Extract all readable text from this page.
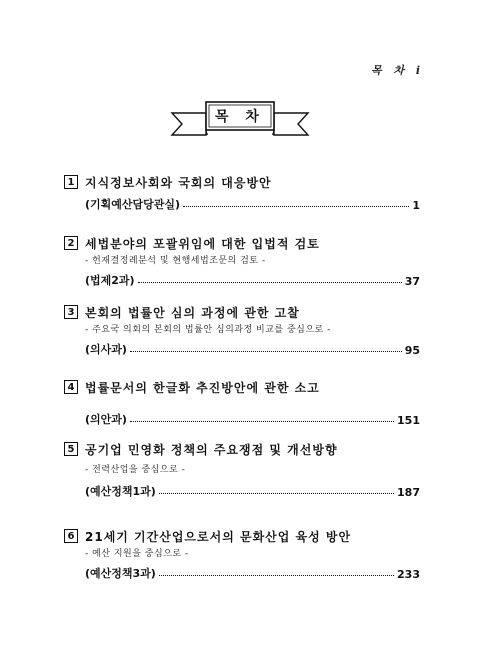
목 차 i
목 차
1 지식정보사회와 국회의 대응방안
(기획예산담당관실)	1
2 세법분야의 포괄위임에 대한 입법적 검토
- 헌재결정례분석 및 현행세법조문의 검토 -
(법제2과)	37
3 본회의 법률안 심의 과정에 관한 고찰
- 주요국 의회의 본회의 법률안 심의과정 비교를 중심으로 -
(의사과)	95
4 법률문서의 한글화 추진방안에 관한 소고
(의안과)	151
5 공기업 민영화 정책의 주요쟁점 및 개선방향
- 전력산업을 중심으로 -
(예산정책1과)	187
6 21세기 기간산업으로서의 문화산업 육성 방안
- 예산 지원을 중심으로 -
(예산정책3과)	233
